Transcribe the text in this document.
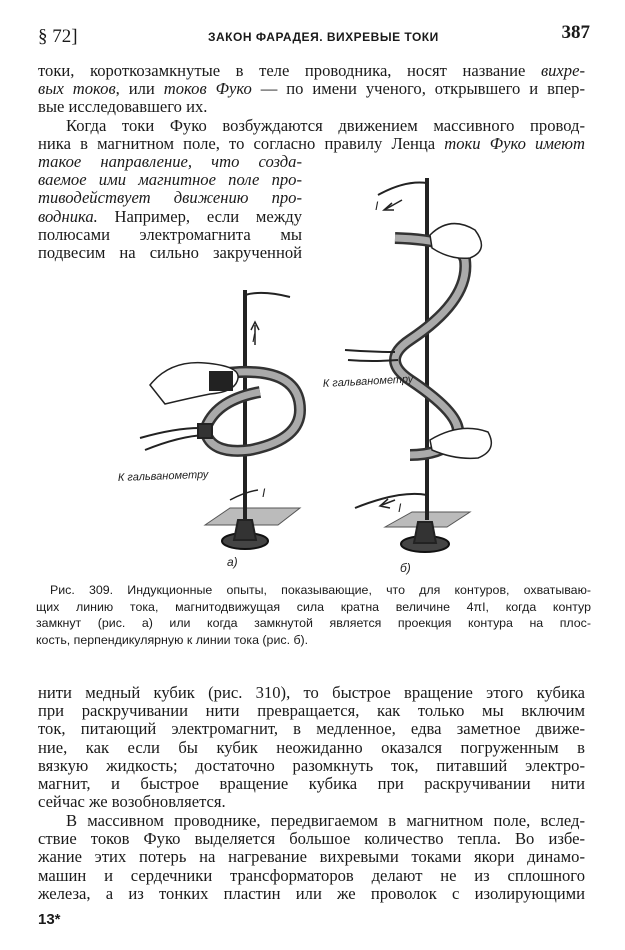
§ 72]	ЗАКОН ФАРАДЕЯ. ВИХРЕВЫЕ ТОКИ	387
токи, короткозамкнутые в теле проводника, носят название вихре-
вых токов, или токов Фуко — по имени ученого, открывшего и впер-
вые исследовавшего их.
Когда токи Фуко возбуждаются движением массивного провод-
ника в магнитном поле, то согласно правилу Ленца токи Фуко имеют
такое направление, что созда-
ваемое ими магнитное поле про-
тиводействует движению про-
водника. Например, если между
полюсами электромагнита мы
подвесим на сильно закрученной
I
I
К гальванометру
а)
I
I
К гальванометру
б)
Рис. 309. Индукционные опыты, показывающие, что для контуров, охватываю-
щих линию тока, магнитодвижущая сила кратна величине 4πI, когда контур
замкнут (рис. а) или когда замкнутой является проекция контура на плос-
кость, перпендикулярную к линии тока (рис. б).
нити медный кубик (рис. 310), то быстрое вращение этого кубика
при раскручивании нити превращается, как только мы включим
ток, питающий электромагнит, в медленное, едва заметное движе-
ние, как если бы кубик неожиданно оказался погруженным в
вязкую жидкость; достаточно разомкнуть ток, питавший электро-
магнит, и быстрое вращение кубика при раскручивании нити
сейчас же возобновляется.
В массивном проводнике, передвигаемом в магнитном поле, вслед-
ствие токов Фуко выделяется большое количество тепла. Во избе-
жание этих потерь на нагревание вихревыми токами якори динамо-
машин и сердечники трансформаторов делают не из сплошного
железа, а из тонких пластин или же проволок с изолирующими
13*
